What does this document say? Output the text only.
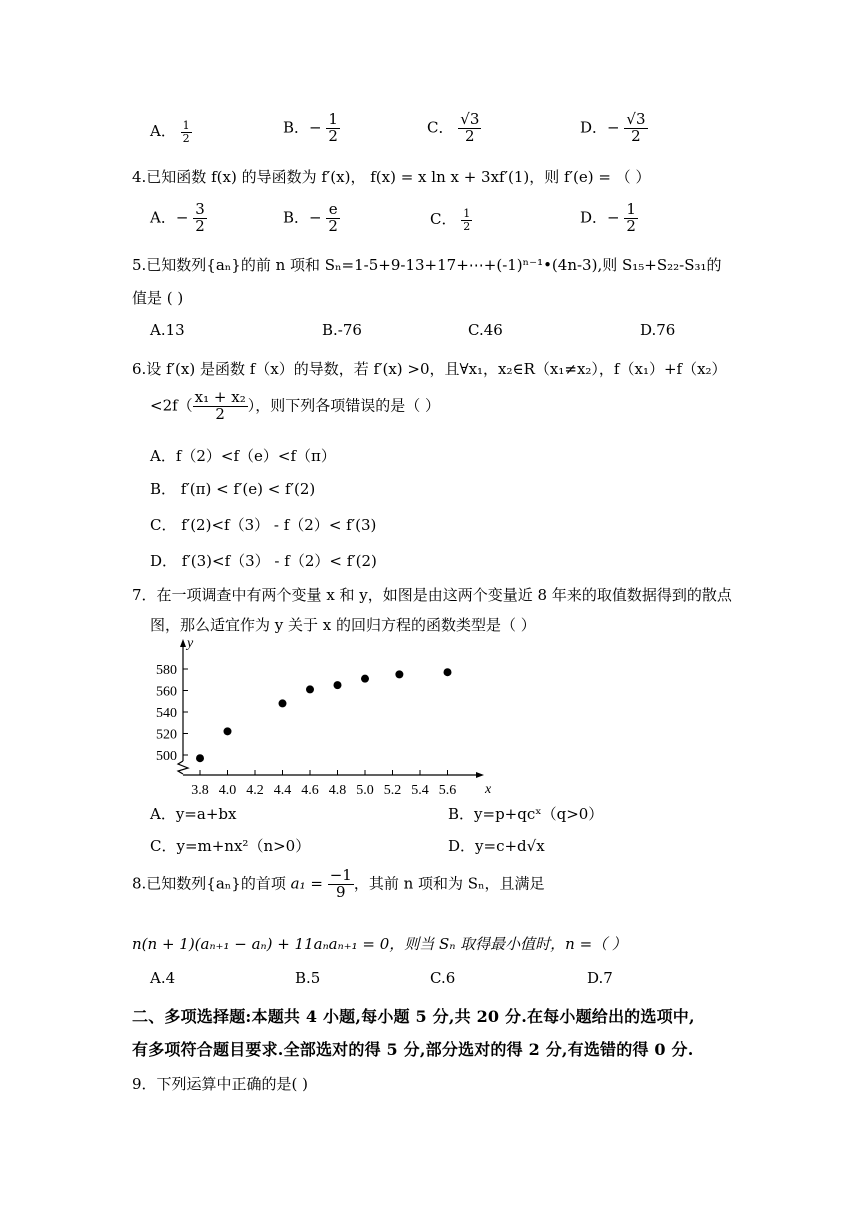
A． $\frac{1}{2}$	B．− $\frac{1}{2}$	C． $\frac{√3}{2}$	D．− $\frac{√3}{2}$
4.已知函数 f(x) 的导函数为 f′(x)， f(x) = x ln x + 3xf′(1)，则 f′(e) = （ ）
A．− $\frac{3}{2}$	B．− $\frac{e}{2}$	C． $\frac{1}{2}$	D．− $\frac{1}{2}$
5.已知数列{aₙ}的前 n 项和 Sₙ=1-5+9-13+17+⋯+(-1)ⁿ⁻¹•(4n-3),则 S₁₅+S₂₂-S₃₁的
值是 ( )
A.13	B.-76	C.46	D.76
6.设 f′(x) 是函数 f（x）的导数，若 f′(x) >0，且∀x₁，x₂∈R（x₁≠x₂），f（x₁）+f（x₂）
$<2f( \frac{\text{x₁ + x₂}}{2}$ ），则下列各项错误的是（ ）
A．f（2）<f（e）<f（π）
B． f′(π) < f′(e) < f′(2)
C． f′(2)<f（3） - f（2）< f′(3)
D． f′(3)<f（3） - f（2）< f′(2)
7．在一项调查中有两个变量 x 和 y，如图是由这两个变量近 8 年来的取值数据得到的散点
图，那么适宜作为 y 关于 x 的回归方程的函数类型是（ ）
y
x
500
520
540
560
580
3.8 4.0 4.2 4.4 4.6 4.8 5.0 5.2 5.4 5.6
A．y=a+bx	B．y=p+qcˣ（q>0）
C．y=m+nx²（n>0）	D．y=c+d√x
8.已知数列{aₙ}的首项 $a_1 = \frac{-1}{9}$ ，其前 n 项和为 Sₙ，且满足
n(n + 1)(aₙ₊₁ − aₙ) + 11aₙaₙ₊₁ = 0，则当 Sₙ 取得最小值时，n =（ ）
A.4	B.5	C.6	D.7
二、多项选择题:本题共 4 小题,每小题 5 分,共 20 分.在每小题给出的选项中,
有多项符合题目要求.全部选对的得 5 分,部分选对的得 2 分,有选错的得 0 分.
9．下列运算中正确的是( )
